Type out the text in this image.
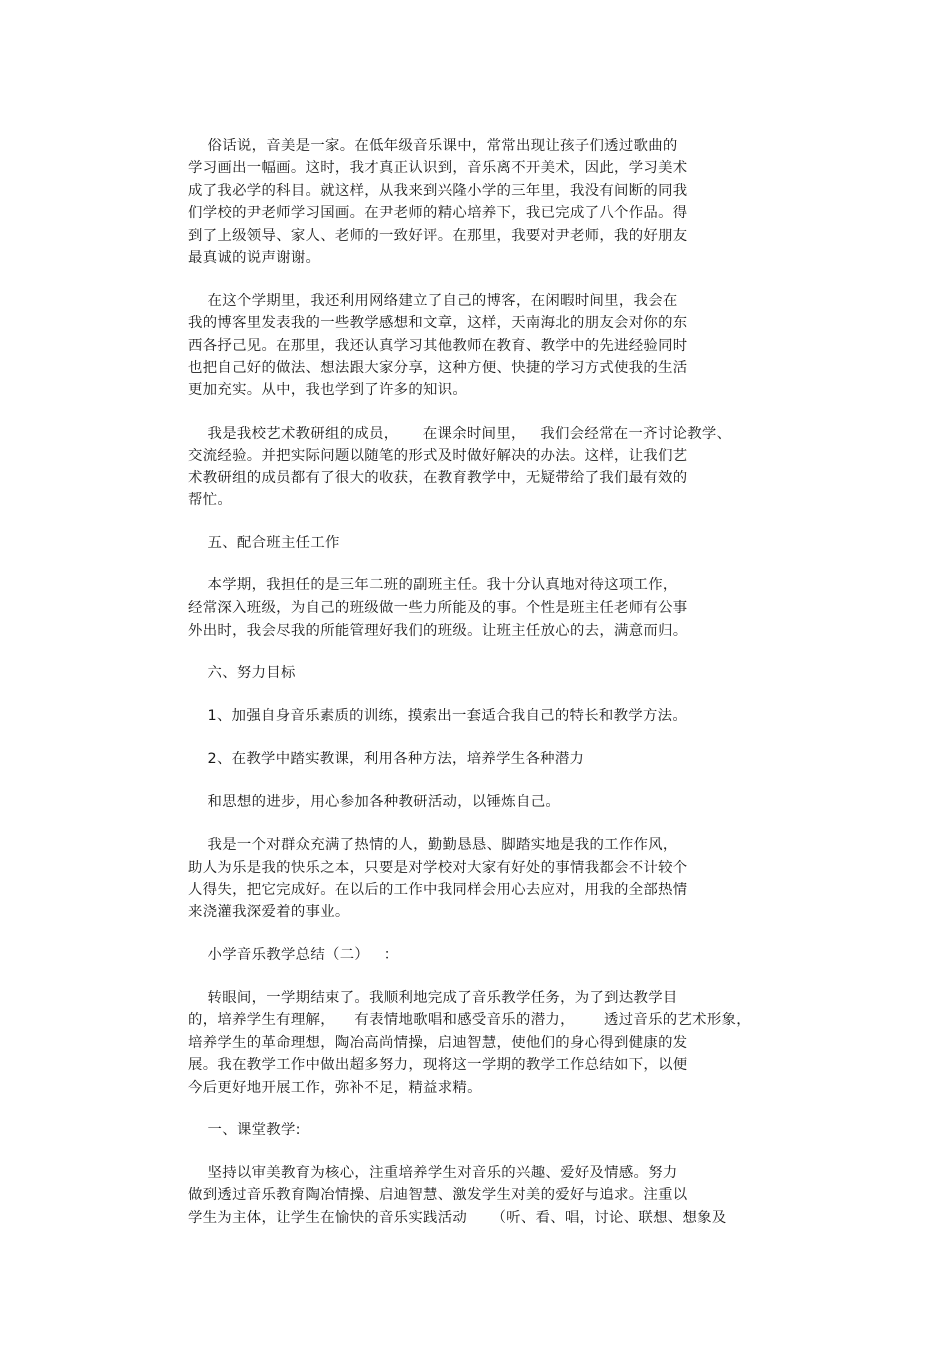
俗话说，音美是一家。在低年级音乐课中，常常出现让孩子们透过歌曲的
学习画出一幅画。这时，我才真正认识到，音乐离不开美术，因此，学习美术
成了我必学的科目。就这样，从我来到兴隆小学的三年里，我没有间断的同我
们学校的尹老师学习国画。在尹老师的精心培养下，我已完成了八个作品。得
到了上级领导、家人、老师的一致好评。在那里，我要对尹老师，我的好朋友
最真诚的说声谢谢。
在这个学期里，我还利用网络建立了自己的博客，在闲暇时间里，我会在
我的博客里发表我的一些教学感想和文章，这样，天南海北的朋友会对你的东
西各抒己见。在那里，我还认真学习其他教师在教育、教学中的先进经验同时
也把自己好的做法、想法跟大家分享，这种方便、快捷的学习方式使我的生活
更加充实。从中，我也学到了许多的知识。
我是我校艺术教研组的成员，     在课余时间里，   我们会经常在一齐讨论教学、
交流经验。并把实际问题以随笔的形式及时做好解决的办法。这样，让我们艺
术教研组的成员都有了很大的收获，在教育教学中，无疑带给了我们最有效的
帮忙。
五、配合班主任工作
本学期，我担任的是三年二班的副班主任。我十分认真地对待这项工作，
经常深入班级，为自己的班级做一些力所能及的事。个性是班主任老师有公事
外出时，我会尽我的所能管理好我们的班级。让班主任放心的去，满意而归。
六、努力目标
1、加强自身音乐素质的训练，摸索出一套适合我自己的特长和教学方法。
2、在教学中踏实教课，利用各种方法，培养学生各种潜力
和思想的进步，用心参加各种教研活动，以锤炼自己。
我是一个对群众充满了热情的人，勤勤恳恳、脚踏实地是我的工作作风，
助人为乐是我的快乐之本，只要是对学校对大家有好处的事情我都会不计较个
人得失，把它完成好。在以后的工作中我同样会用心去应对，用我的全部热情
来浇灌我深爱着的事业。
小学音乐教学总结（二）   ：
转眼间，一学期结束了。我顺利地完成了音乐教学任务，为了到达教学目
的，培养学生有理解，    有表情地歌唱和感受音乐的潜力，      透过音乐的艺术形象，
培养学生的革命理想，陶冶高尚情操，启迪智慧，使他们的身心得到健康的发
展。我在教学工作中做出超多努力，现将这一学期的教学工作总结如下，以便
今后更好地开展工作，弥补不足，精益求精。
一、课堂教学:
坚持以审美教育为核心，注重培养学生对音乐的兴趣、爱好及情感。努力
做到透过音乐教育陶冶情操、启迪智慧、激发学生对美的爱好与追求。注重以
学生为主体，让学生在愉快的音乐实践活动     （听、看、唱，讨论、联想、想象及
